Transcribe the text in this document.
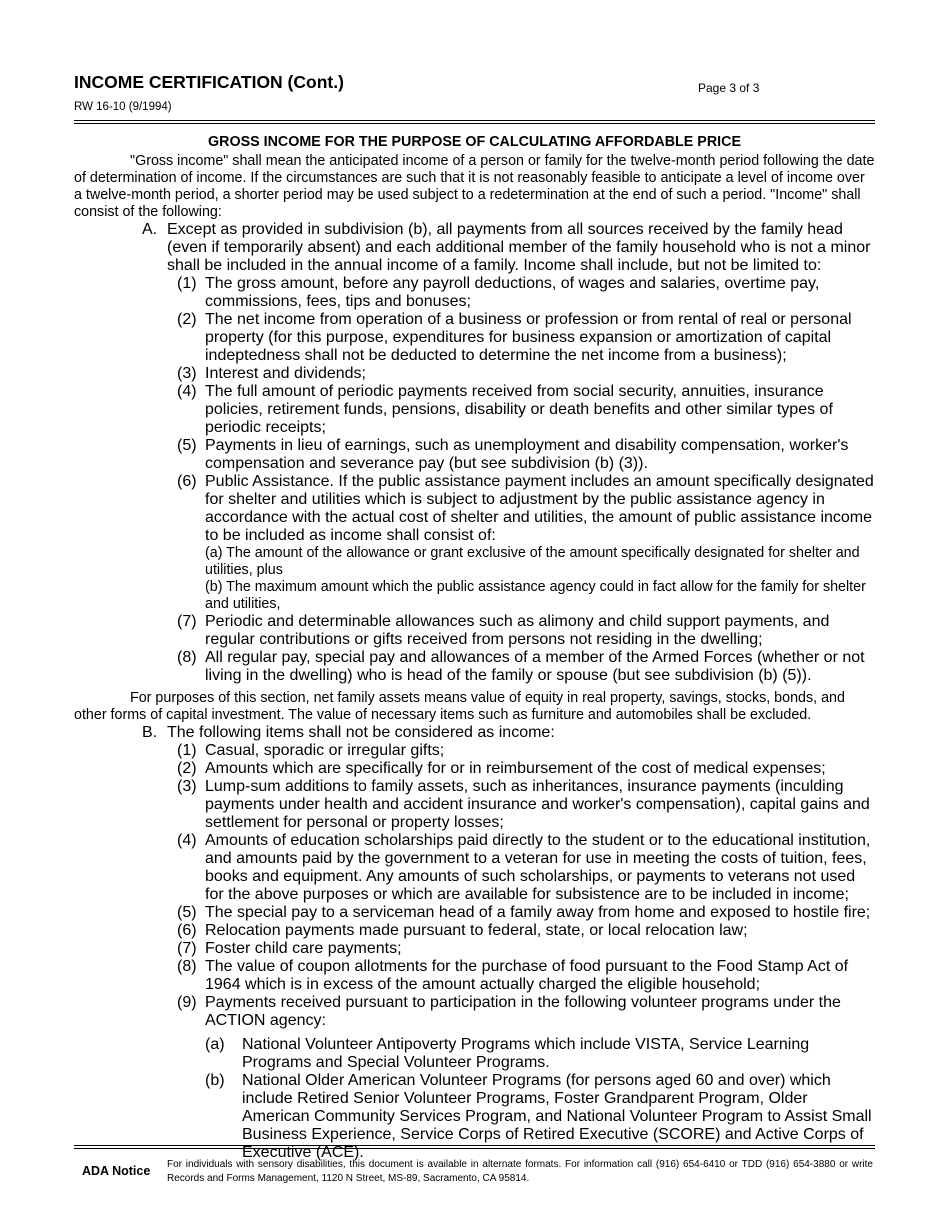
INCOME CERTIFICATION (Cont.)	Page 3 of 3
RW 16-10 (9/1994)
GROSS INCOME FOR THE PURPOSE OF CALCULATING AFFORDABLE PRICE

"Gross income" shall mean the anticipated income of a person or family for the twelve-month period following the date of determination of income. If the circumstances are such that it is not reasonably feasible to anticipate a level of income over a twelve-month period, a shorter period may be used subject to a redetermination at the end of such a period. "Income" shall consist of the following:

A. Except as provided in subdivision (b), all payments from all sources received by the family head (even if temporarily absent) and each additional member of the family household who is not a minor shall be included in the annual income of a family. Income shall include, but not be limited to:
(1) The gross amount, before any payroll deductions, of wages and salaries, overtime pay, commissions, fees, tips and bonuses;
(2) The net income from operation of a business or profession or from rental of real or personal property (for this purpose, expenditures for business expansion or amortization of capital indeptedness shall not be deducted to determine the net income from a business);
(3) Interest and dividends;
(4) The full amount of periodic payments received from social security, annuities, insurance policies, retirement funds, pensions, disability or death benefits and other similar types of periodic receipts;
(5) Payments in lieu of earnings, such as unemployment and disability compensation, worker's compensation and severance pay (but see subdivision (b) (3)).
(6) Public Assistance. If the public assistance payment includes an amount specifically designated for shelter and utilities which is subject to adjustment by the public assistance agency in accordance with the actual cost of shelter and utilities, the amount of public assistance income to be included as income shall consist of:
(a) The amount of the allowance or grant exclusive of the amount specifically designated for shelter and utilities, plus
(b) The maximum amount which the public assistance agency could in fact allow for the family for shelter and utilities,
(7) Periodic and determinable allowances such as alimony and child support payments, and regular contributions or gifts received from persons not residing in the dwelling;
(8) All regular pay, special pay and allowances of a member of the Armed Forces (whether or not living in the dwelling) who is head of the family or spouse (but see subdivision (b) (5)).

For purposes of this section, net family assets means value of equity in real property, savings, stocks, bonds, and other forms of capital investment. The value of necessary items such as furniture and automobiles shall be excluded.

B. The following items shall not be considered as income:
(1) Casual, sporadic or irregular gifts;
(2) Amounts which are specifically for or in reimbursement of the cost of medical expenses;
(3) Lump-sum additions to family assets, such as inheritances, insurance payments (inculding payments under health and accident insurance and worker's compensation), capital gains and settlement for personal or property losses;
(4) Amounts of education scholarships paid directly to the student or to the educational institution, and amounts paid by the government to a veteran for use in meeting the costs of tuition, fees, books and equipment. Any amounts of such scholarships, or payments to veterans not used for the above purposes or which are available for subsistence are to be included in income;
(5) The special pay to a serviceman head of a family away from home and exposed to hostile fire;
(6) Relocation payments made pursuant to federal, state, or local relocation law;
(7) Foster child care payments;
(8) The value of coupon allotments for the purchase of food pursuant to the Food Stamp Act of 1964 which is in excess of the amount actually charged the eligible household;
(9) Payments received pursuant to participation in the following volunteer programs under the ACTION agency:
(a) National Volunteer Antipoverty Programs which include VISTA, Service Learning Programs and Special Volunteer Programs.
(b) National Older American Volunteer Programs (for persons aged 60 and over) which include Retired Senior Volunteer Programs, Foster Grandparent Program, Older American Community Services Program, and National Volunteer Program to Assist Small Business Experience, Service Corps of Retired Executive (SCORE) and Active Corps of Executive (ACE).
ADA Notice For individuals with sensory disabilities, this document is available in alternate formats. For information call (916) 654-6410 or TDD (916) 654-3880 or write Records and Forms Management, 1120 N Street, MS-89, Sacramento, CA 95814.
